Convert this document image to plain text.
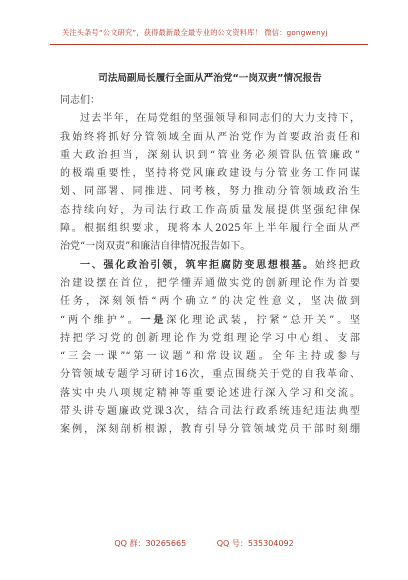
关注头条号“公文研究”，获得最新最全最专业的公文资料库！ 微信：gongwenyj
司法局副局长履行全面从严治党“一岗双责”情况报告
同志们：
过去半年，在局党组的坚强领导和同志们的大力支持下，
我始终将抓好分管领域全面从严治党作为首要政治责任和
重大政治担当，深刻认识到“管业务必须管队伍管廉政”
的极端重要性，坚持将党风廉政建设与分管业务工作同谋
划、同部署、同推进、同考核，努力推动分管领域政治生
态持续向好，为司法行政工作高质量发展提供坚强纪律保
障。根据组织要求，现将本人2025年上半年履行全面从严
治党“一岗双责”和廉洁自律情况报告如下。
一、强化政治引领，筑牢拒腐防变思想根基。始终把政
治建设摆在首位，把学懂弄通做实党的创新理论作为首要
任务，深刻领悟“两个确立”的决定性意义，坚决做到
“两个维护”。一是深化理论武装，拧紧“总开关”。坚
持把学习党的创新理论作为党组理论学习中心组、支部
“三会一课”“第一议题”和常设议题。全年主持或参与
分管领域专题学习研讨16次，重点围绕关于党的自我革命、
落实中央八项规定精神等重要论述进行深入学习和交流。
带头讲专题廉政党课3次，结合司法行政系统违纪违法典型
案例，深刻剖析根源，教育引导分管领域党员干部时刻绷
QQ 群：30265665	QQ 号：535304092
